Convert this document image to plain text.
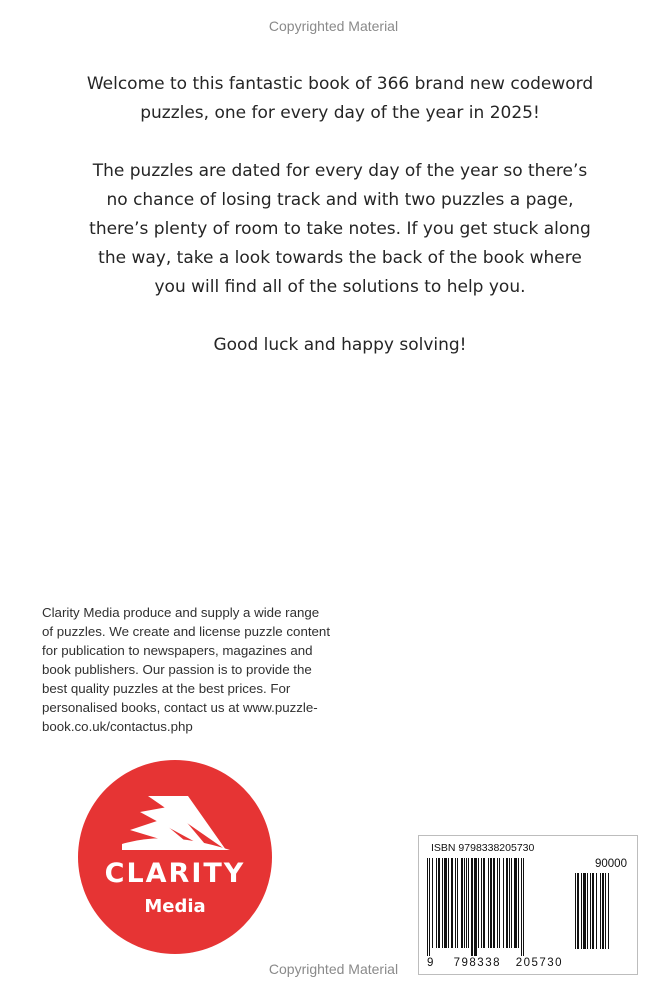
Copyrighted Material

Welcome to this fantastic book of 366 brand new codeword puzzles, one for every day of the year in 2025!

The puzzles are dated for every day of the year so there’s no chance of losing track and with two puzzles a page, there’s plenty of room to take notes. If you get stuck along the way, take a look towards the back of the book where you will find all of the solutions to help you.

Good luck and happy solving!

Clarity Media produce and supply a wide range of puzzles. We create and license puzzle content for publication to newspapers, magazines and book publishers. Our passion is to provide the best quality puzzles at the best prices. For personalised books, contact us at www.puzzle-book.co.uk/contactus.php
CLARITY
Media
ISBN 9798338205730
90000
9 798338 205730
Copyrighted Material
